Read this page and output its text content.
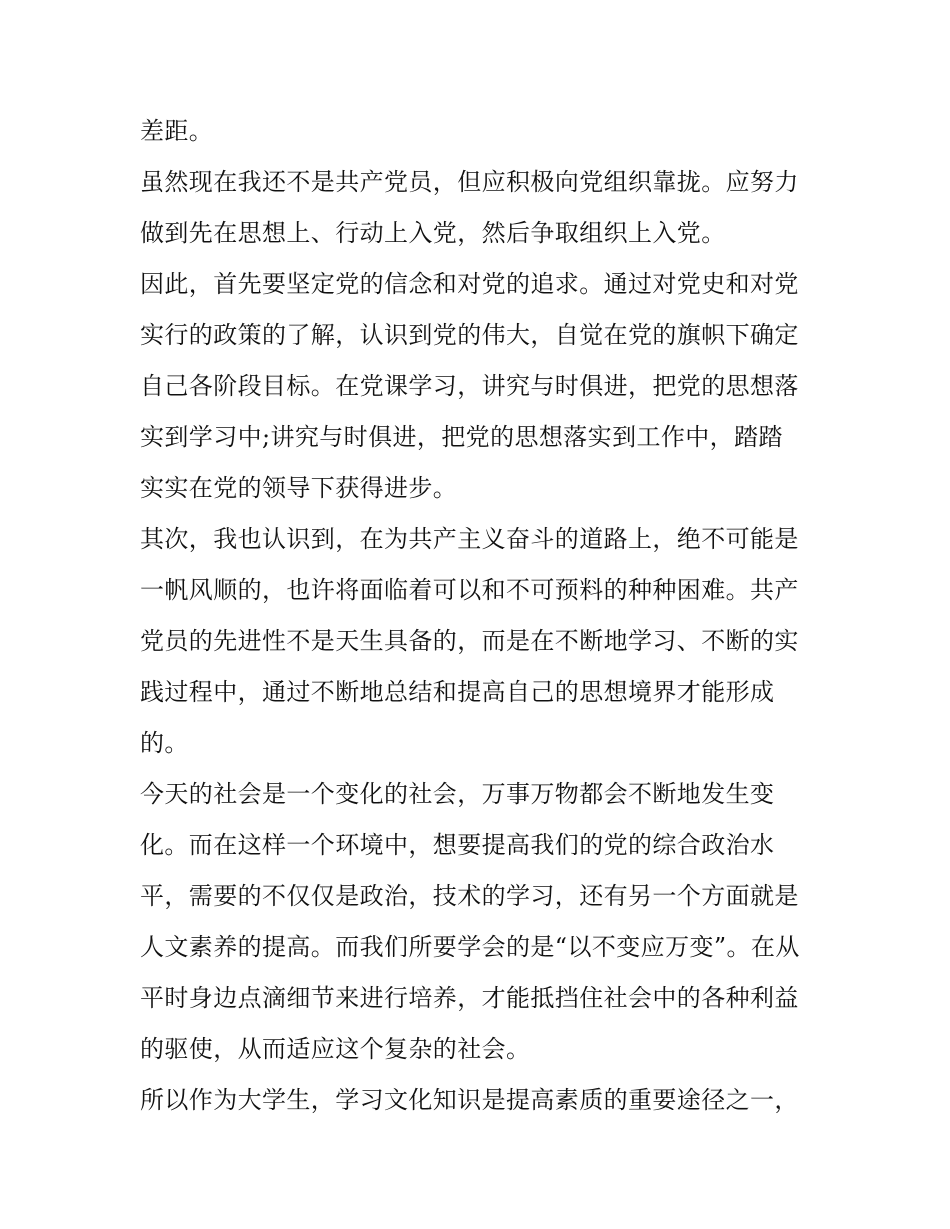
差距。
虽然现在我还不是共产党员，但应积极向党组织靠拢。应努力
做到先在思想上、行动上入党，然后争取组织上入党。
因此，首先要坚定党的信念和对党的追求。通过对党史和对党
实行的政策的了解，认识到党的伟大，自觉在党的旗帜下确定
自己各阶段目标。在党课学习，讲究与时俱进，把党的思想落
实到学习中;讲究与时俱进，把党的思想落实到工作中，踏踏
实实在党的领导下获得进步。
其次，我也认识到，在为共产主义奋斗的道路上，绝不可能是
一帆风顺的，也许将面临着可以和不可预料的种种困难。共产
党员的先进性不是天生具备的，而是在不断地学习、不断的实
践过程中，通过不断地总结和提高自己的思想境界才能形成
的。
今天的社会是一个变化的社会，万事万物都会不断地发生变
化。而在这样一个环境中，想要提高我们的党的综合政治水
平，需要的不仅仅是政治，技术的学习，还有另一个方面就是
人文素养的提高。而我们所要学会的是“以不变应万变”。在从
平时身边点滴细节来进行培养，才能抵挡住社会中的各种利益
的驱使，从而适应这个复杂的社会。
所以作为大学生，学习文化知识是提高素质的重要途径之一，
